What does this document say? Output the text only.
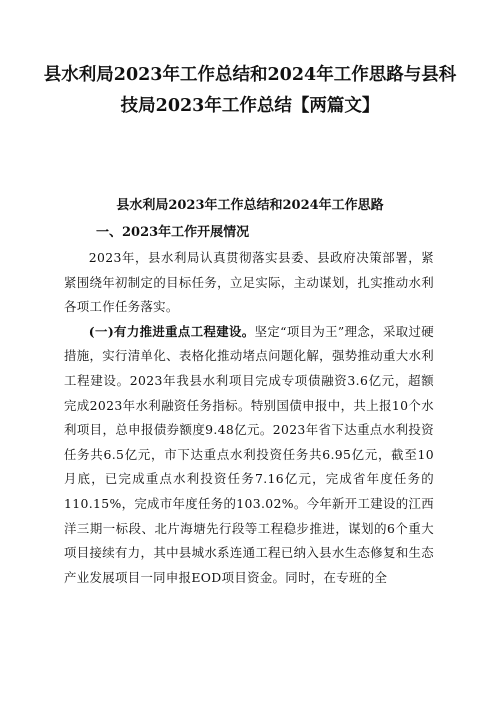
县水利局2023年工作总结和2024年工作思路与县科技局2023年工作总结【两篇文】
县水利局2023年工作总结和2024年工作思路
一、2023年工作开展情况

2023年，县水利局认真贯彻落实县委、县政府决策部署，紧紧围绕年初制定的目标任务，立足实际，主动谋划，扎实推动水利各项工作任务落实。

(一)有力推进重点工程建设。坚定“项目为王”理念，采取过硬措施，实行清单化、表格化推动堵点问题化解，强势推动重大水利工程建设。2023年我县水利项目完成专项债融资3.6亿元，超额完成2023年水利融资任务指标。特别国债申报中，共上报10个水利项目，总申报债券额度9.48亿元。2023年省下达重点水利投资任务共6.5亿元，市下达重点水利投资任务共6.95亿元，截至10月底，已完成重点水利投资任务7.16亿元，完成省年度任务的110.15%，完成市年度任务的103.02%。今年新开工建设的江西洋三期一标段、北片海塘先行段等工程稳步推进，谋划的6个重大项目接续有力，其中县城水系连通工程已纳入县水生态修复和生态产业发展项目一同申报EOD项目资金。同时，在专班的全
